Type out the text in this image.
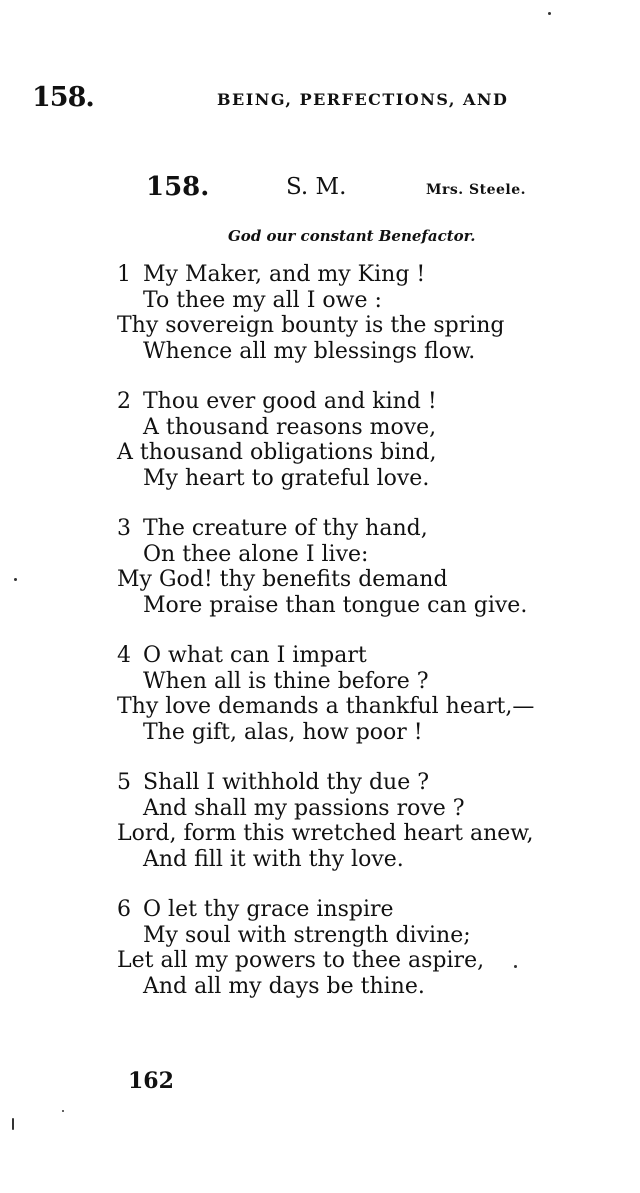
158.	BEING, PERFECTIONS, AND
158.	S. M.	Mrs. Steele.
God our constant Benefactor.
1 My Maker, and my King !
To thee my all I owe :
Thy sovereign bounty is the spring
Whence all my blessings flow.
2 Thou ever good and kind !
A thousand reasons move,
A thousand obligations bind,
My heart to grateful love.
3 The creature of thy hand,
On thee alone I live:
My God! thy benefits demand
More praise than tongue can give.
4 O what can I impart
When all is thine before ?
Thy love demands a thankful heart,—
The gift, alas, how poor !
5 Shall I withhold thy due ?
And shall my passions rove ?
Lord, form this wretched heart anew,
And fill it with thy love.
6 O let thy grace inspire
My soul with strength divine;
Let all my powers to thee aspire,
And all my days be thine.
162
